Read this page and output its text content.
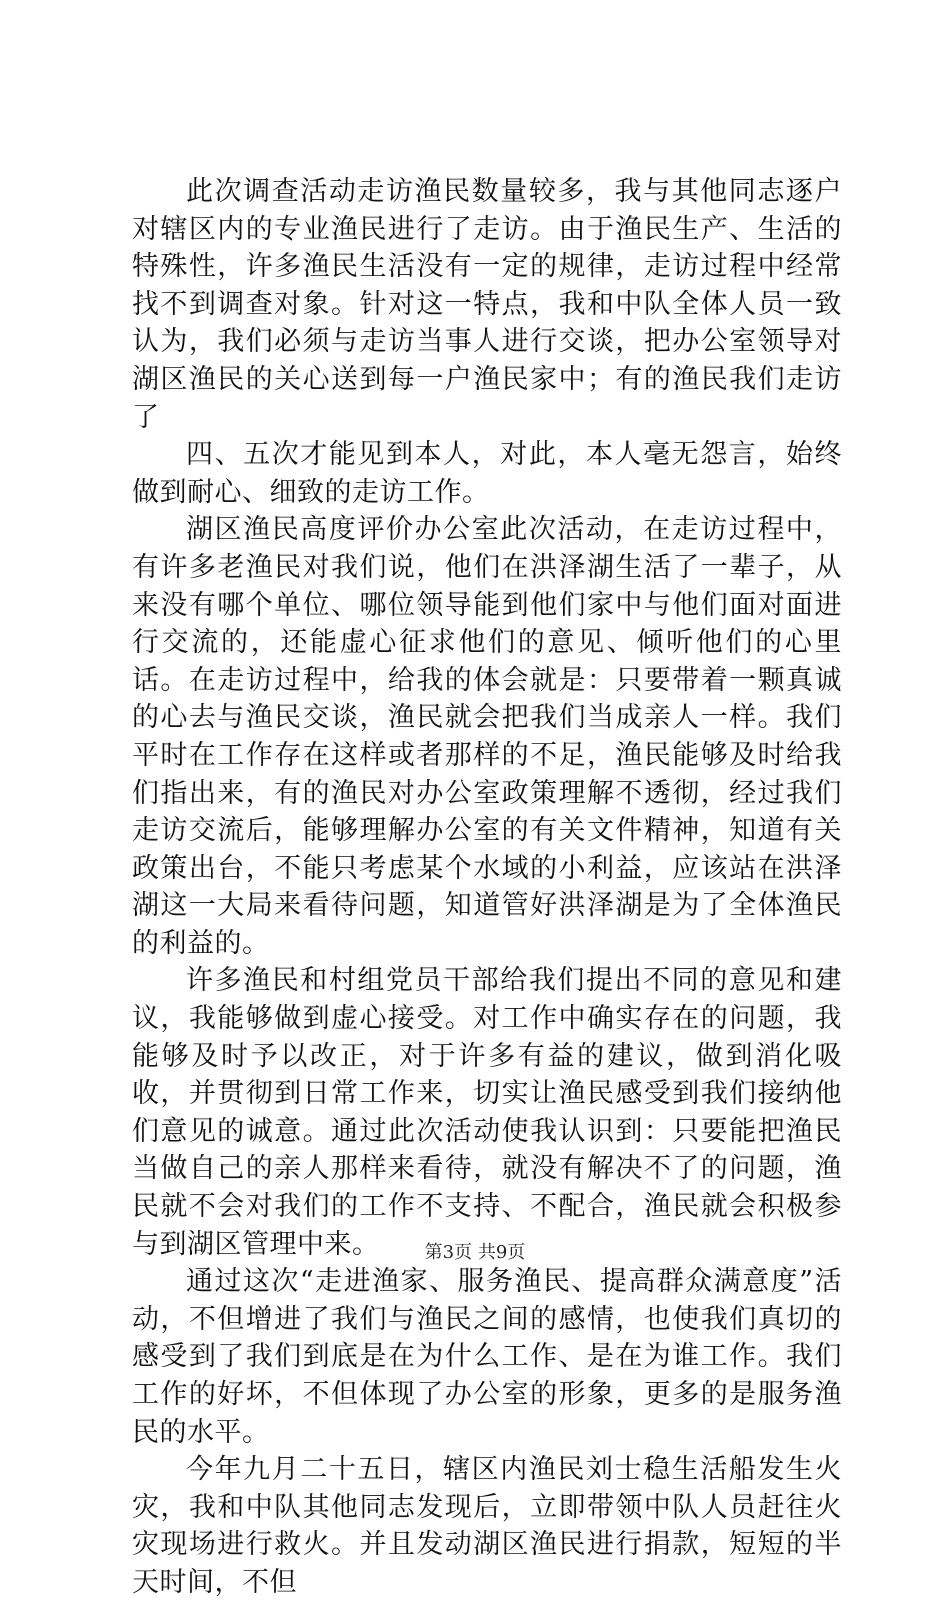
此次调查活动走访渔民数量较多，我与其他同志逐户对辖区内的专业渔民进行了走访。由于渔民生产、生活的特殊性，许多渔民生活没有一定的规律，走访过程中经常找不到调查对象。针对这一特点，我和中队全体人员一致认为，我们必须与走访当事人进行交谈，把办公室领导对湖区渔民的关心送到每一户渔民家中；有的渔民我们走访了

四、五次才能见到本人，对此，本人毫无怨言，始终做到耐心、细致的走访工作。

湖区渔民高度评价办公室此次活动，在走访过程中，有许多老渔民对我们说，他们在洪泽湖生活了一辈子，从来没有哪个单位、哪位领导能到他们家中与他们面对面进行交流的，还能虚心征求他们的意见、倾听他们的心里话。在走访过程中，给我的体会就是：只要带着一颗真诚的心去与渔民交谈，渔民就会把我们当成亲人一样。我们平时在工作存在这样或者那样的不足，渔民能够及时给我们指出来，有的渔民对办公室政策理解不透彻，经过我们走访交流后，能够理解办公室的有关文件精神，知道有关政策出台，不能只考虑某个水域的小利益，应该站在洪泽湖这一大局来看待问题，知道管好洪泽湖是为了全体渔民的利益的。

许多渔民和村组党员干部给我们提出不同的意见和建议，我能够做到虚心接受。对工作中确实存在的问题，我能够及时予以改正，对于许多有益的建议，做到消化吸收，并贯彻到日常工作来，切实让渔民感受到我们接纳他们意见的诚意。通过此次活动使我认识到：只要能把渔民当做自己的亲人那样来看待，就没有解决不了的问题，渔民就不会对我们的工作不支持、不配合，渔民就会积极参与到湖区管理中来。

通过这次“走进渔家、服务渔民、提高群众满意度”活动，不但增进了我们与渔民之间的感情，也使我们真切的感受到了我们到底是在为什么工作、是在为谁工作。我们工作的好坏，不但体现了办公室的形象，更多的是服务渔民的水平。

今年九月二十五日，辖区内渔民刘士稳生活船发生火灾，我和中队其他同志发现后，立即带领中队人员赶往火灾现场进行救火。并且发动湖区渔民进行捐款，短短的半天时间，不但

第3页 共9页
